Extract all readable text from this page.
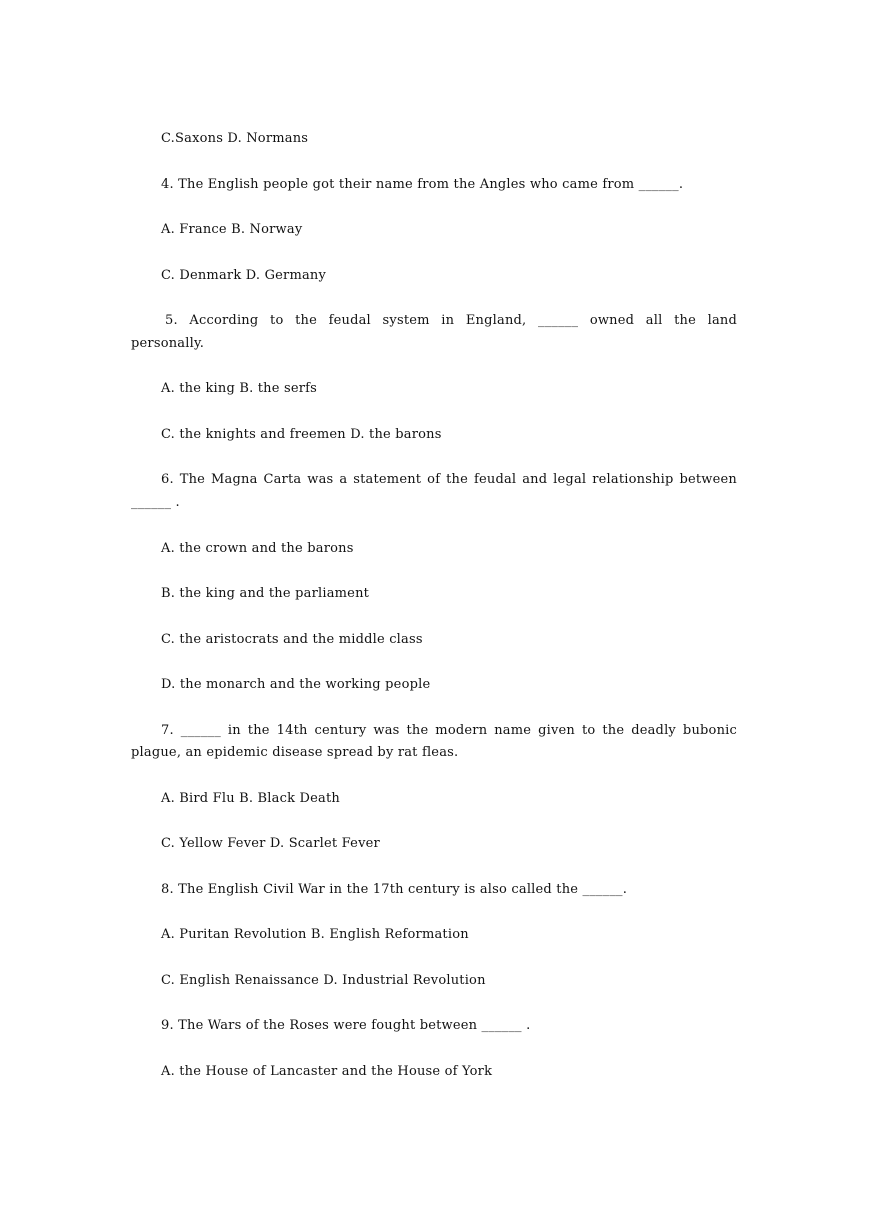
C.Saxons D. Normans

4. The English people got their name from the Angles who came from ______.

A. France B. Norway

C. Denmark D. Germany

5. According to the feudal system in England, ______ owned all the land

personally.

A. the king B. the serfs

C. the knights and freemen D. the barons

6. The Magna Carta was a statement of the feudal and legal relationship between

______ .

A. the crown and the barons

B. the king and the parliament

C. the aristocrats and the middle class

D. the monarch and the working people

7. ______ in the 14th century was the modern name given to the deadly bubonic

plague, an epidemic disease spread by rat fleas.

A. Bird Flu B. Black Death

C. Yellow Fever D. Scarlet Fever

8. The English Civil War in the 17th century is also called the ______.

A. Puritan Revolution B. English Reformation

C. English Renaissance D. Industrial Revolution

9. The Wars of the Roses were fought between ______ .

A. the House of Lancaster and the House of York
